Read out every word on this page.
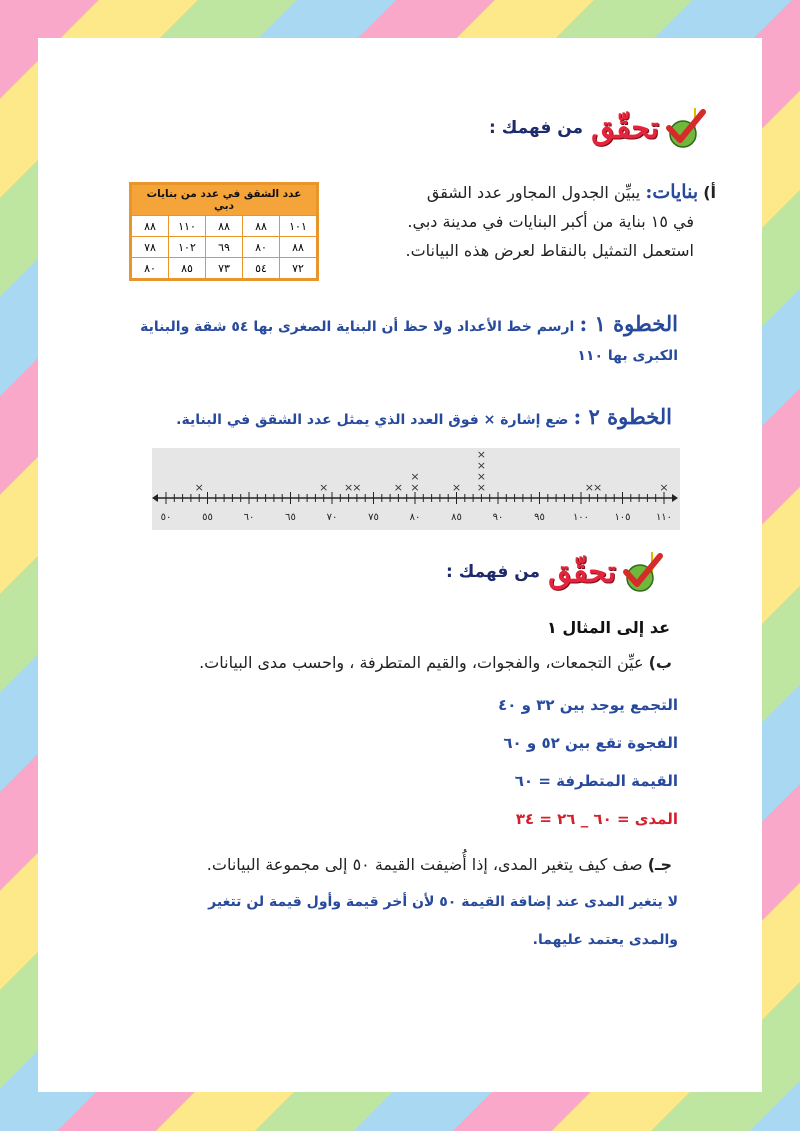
تحقّق
من فهمك :
أ) بنايات: يبيِّن الجدول المجاور عدد الشقق
في ١٥ بناية من أكبر البنايات في مدينة دبي.
استعمل التمثيل بالنقاط لعرض هذه البيانات.
عدد الشقق في عدد من بنايات دبي				
١٠١	٨٨	٨٨	١١٠	٨٨
٨٨	٨٠	٦٩	١٠٢	٧٨
٧٢	٥٤	٧٣	٨٥	٨٠
الخطوة ١ : ارسم خط الأعداد ولا حظ أن البناية الصغرى بها ٥٤ شقة والبناية
الكبرى بها ١١٠
الخطوة ٢ : ضع إشارة × فوق العدد الذي يمثل عدد الشقق في البناية.
٥٠	٥٥	٦٠	٦٥	٧٠	٧٥	٨٠	٨٥	٩٠	٩٥	١٠٠	١٠٥	١١٠
×	× × ×	× ×
×
× ×
×
×
×
× ×	×
تحقّق
من فهمك :
عد إلى المثال ١
ب) عيِّن التجمعات، والفجوات، والقيم المتطرفة ، واحسب مدى البيانات.
التجمع يوجد بين ٣٢ و ٤٠
الفجوة تقع بين ٥٢ و ٦٠
القيمة المتطرفة = ٦٠
المدى = ٦٠ _ ٢٦ = ٣٤
جـ) صف كيف يتغير المدى، إذا أُضيفت القيمة ٥٠ إلى مجموعة البيانات.
لا يتغير المدى عند إضافة القيمة ٥٠ لأن أخر قيمة وأول قيمة لن تتغير
والمدى يعتمد عليهما.
